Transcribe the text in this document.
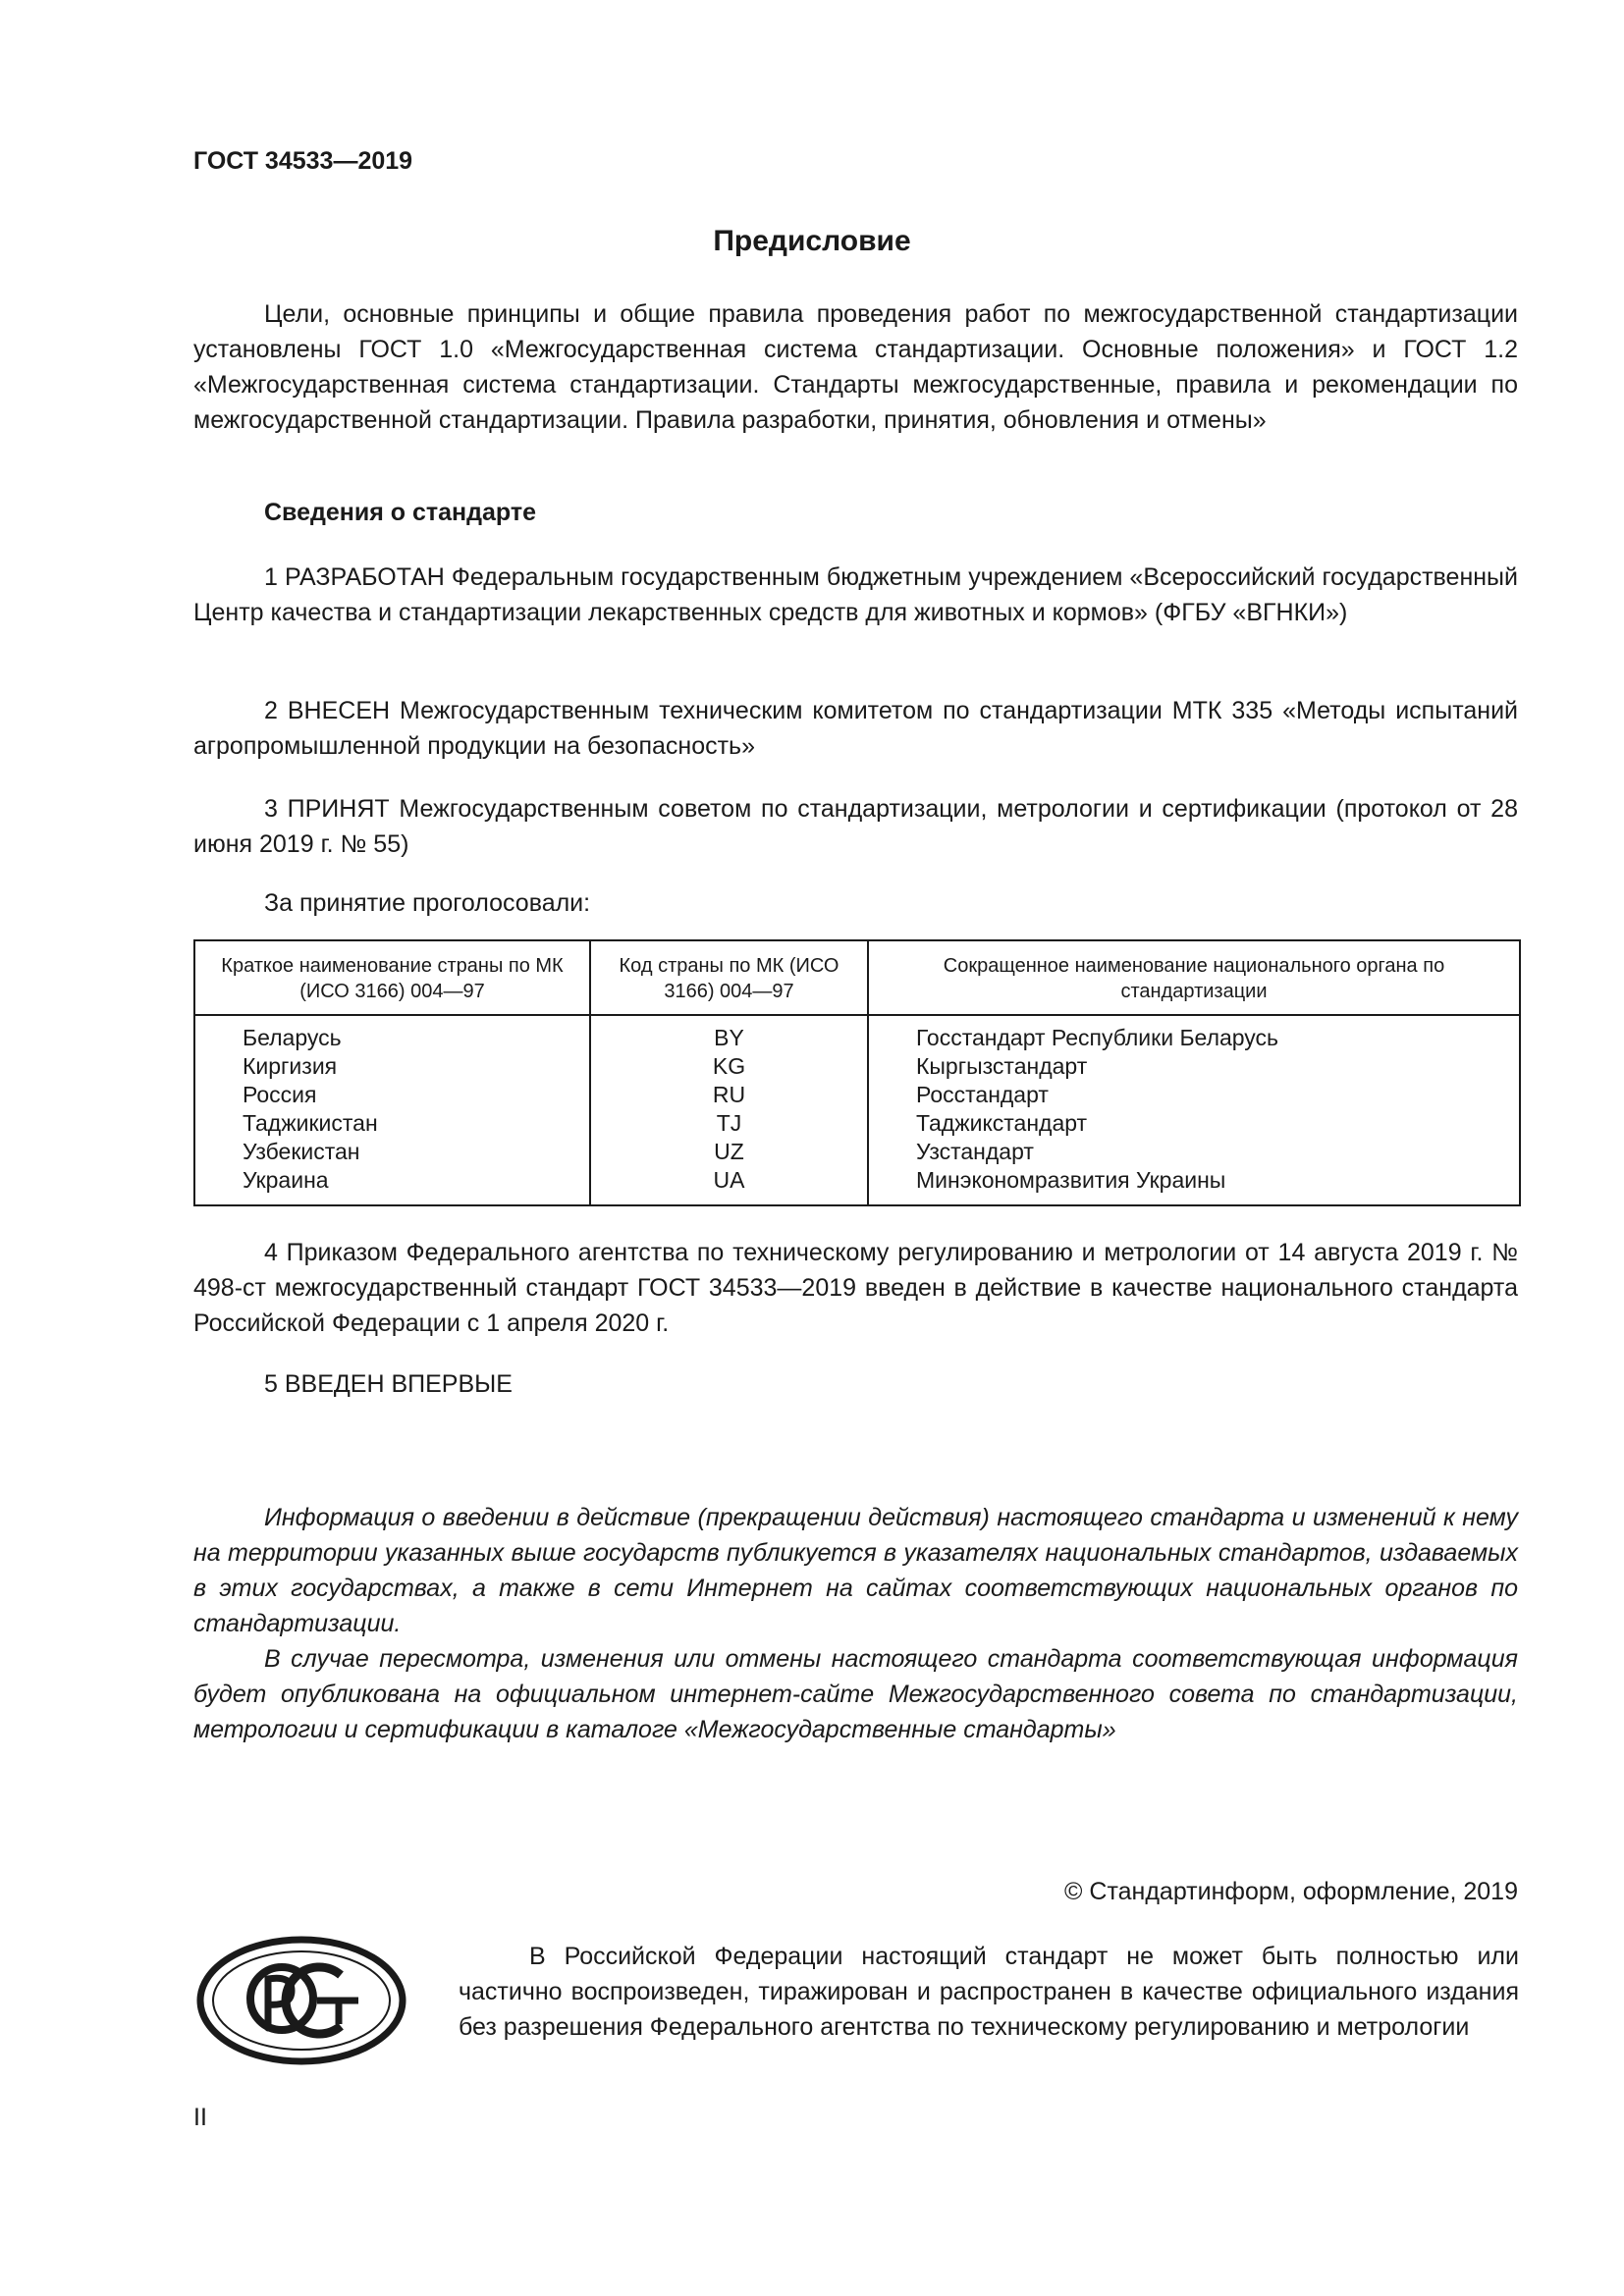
ГОСТ 34533—2019
Предисловие

Цели, основные принципы и общие правила проведения работ по межгосударственной стандартизации установлены ГОСТ 1.0 «Межгосударственная система стандартизации. Основные положения» и ГОСТ 1.2 «Межгосударственная система стандартизации. Стандарты межгосударственные, правила и рекомендации по межгосударственной стандартизации. Правила разработки, принятия, обновления и отмены»

Сведения о стандарте

1 РАЗРАБОТАН Федеральным государственным бюджетным учреждением «Всероссийский государственный Центр качества и стандартизации лекарственных средств для животных и кормов» (ФГБУ «ВГНКИ»)

2 ВНЕСЕН Межгосударственным техническим комитетом по стандартизации МТК 335 «Методы испытаний агропромышленной продукции на безопасность»

3 ПРИНЯТ Межгосударственным советом по стандартизации, метрологии и сертификации (протокол от 28 июня 2019 г. № 55)

За принятие проголосовали:
Краткое наименование страны по МК (ИСО 3166) 004—97	Код страны по МК (ИСО 3166) 004—97	Сокращенное наименование национального органа по стандартизации
Беларусь	BY	Госстандарт Республики Беларусь
Киргизия	KG	Кыргызстандарт
Россия	RU	Росстандарт
Таджикистан	TJ	Таджикстандарт
Узбекистан	UZ	Узстандарт
Украина	UA	Минэкономразвития Украины

4 Приказом Федерального агентства по техническому регулированию и метрологии от 14 августа 2019 г. № 498-ст межгосударственный стандарт ГОСТ 34533—2019 введен в действие в качестве национального стандарта Российской Федерации с 1 апреля 2020 г.

5 ВВЕДЕН ВПЕРВЫЕ

Информация о введении в действие (прекращении действия) настоящего стандарта и изменений к нему на территории указанных выше государств публикуется в указателях национальных стандартов, издаваемых в этих государствах, а также в сети Интернет на сайтах соответствующих национальных органов по стандартизации.

В случае пересмотра, изменения или отмены настоящего стандарта соответствующая информация будет опубликована на официальном интернет-сайте Межгосударственного совета по стандартизации, метрологии и сертификации в каталоге «Межгосударственные стандарты»

© Стандартинформ, оформление, 2019

В Российской Федерации настоящий стандарт не может быть полностью или частично воспроизведен, тиражирован и распространен в качестве официального издания без разрешения Федерального агентства по техническому регулированию и метрологии

II
